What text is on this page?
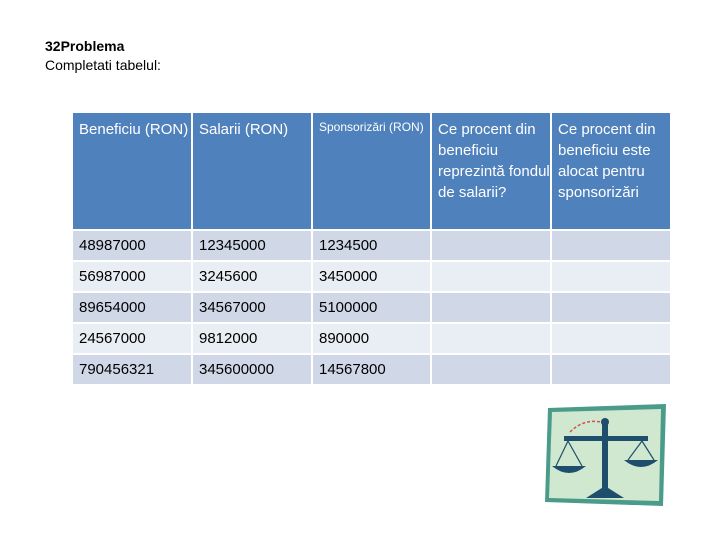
32Problema
Completati tabelul:
Beneficiu (RON)	Salarii (RON)	Sponsorizări (RON)	Ce procent din beneficiu reprezintă fondul de salarii?	Ce procent din beneficiu este alocat pentru sponsorizări
48987000	12345000	1234500		
56987000	3245600	3450000		
89654000	34567000	5100000		
24567000	9812000	890000		
790456321	345600000	14567800		
